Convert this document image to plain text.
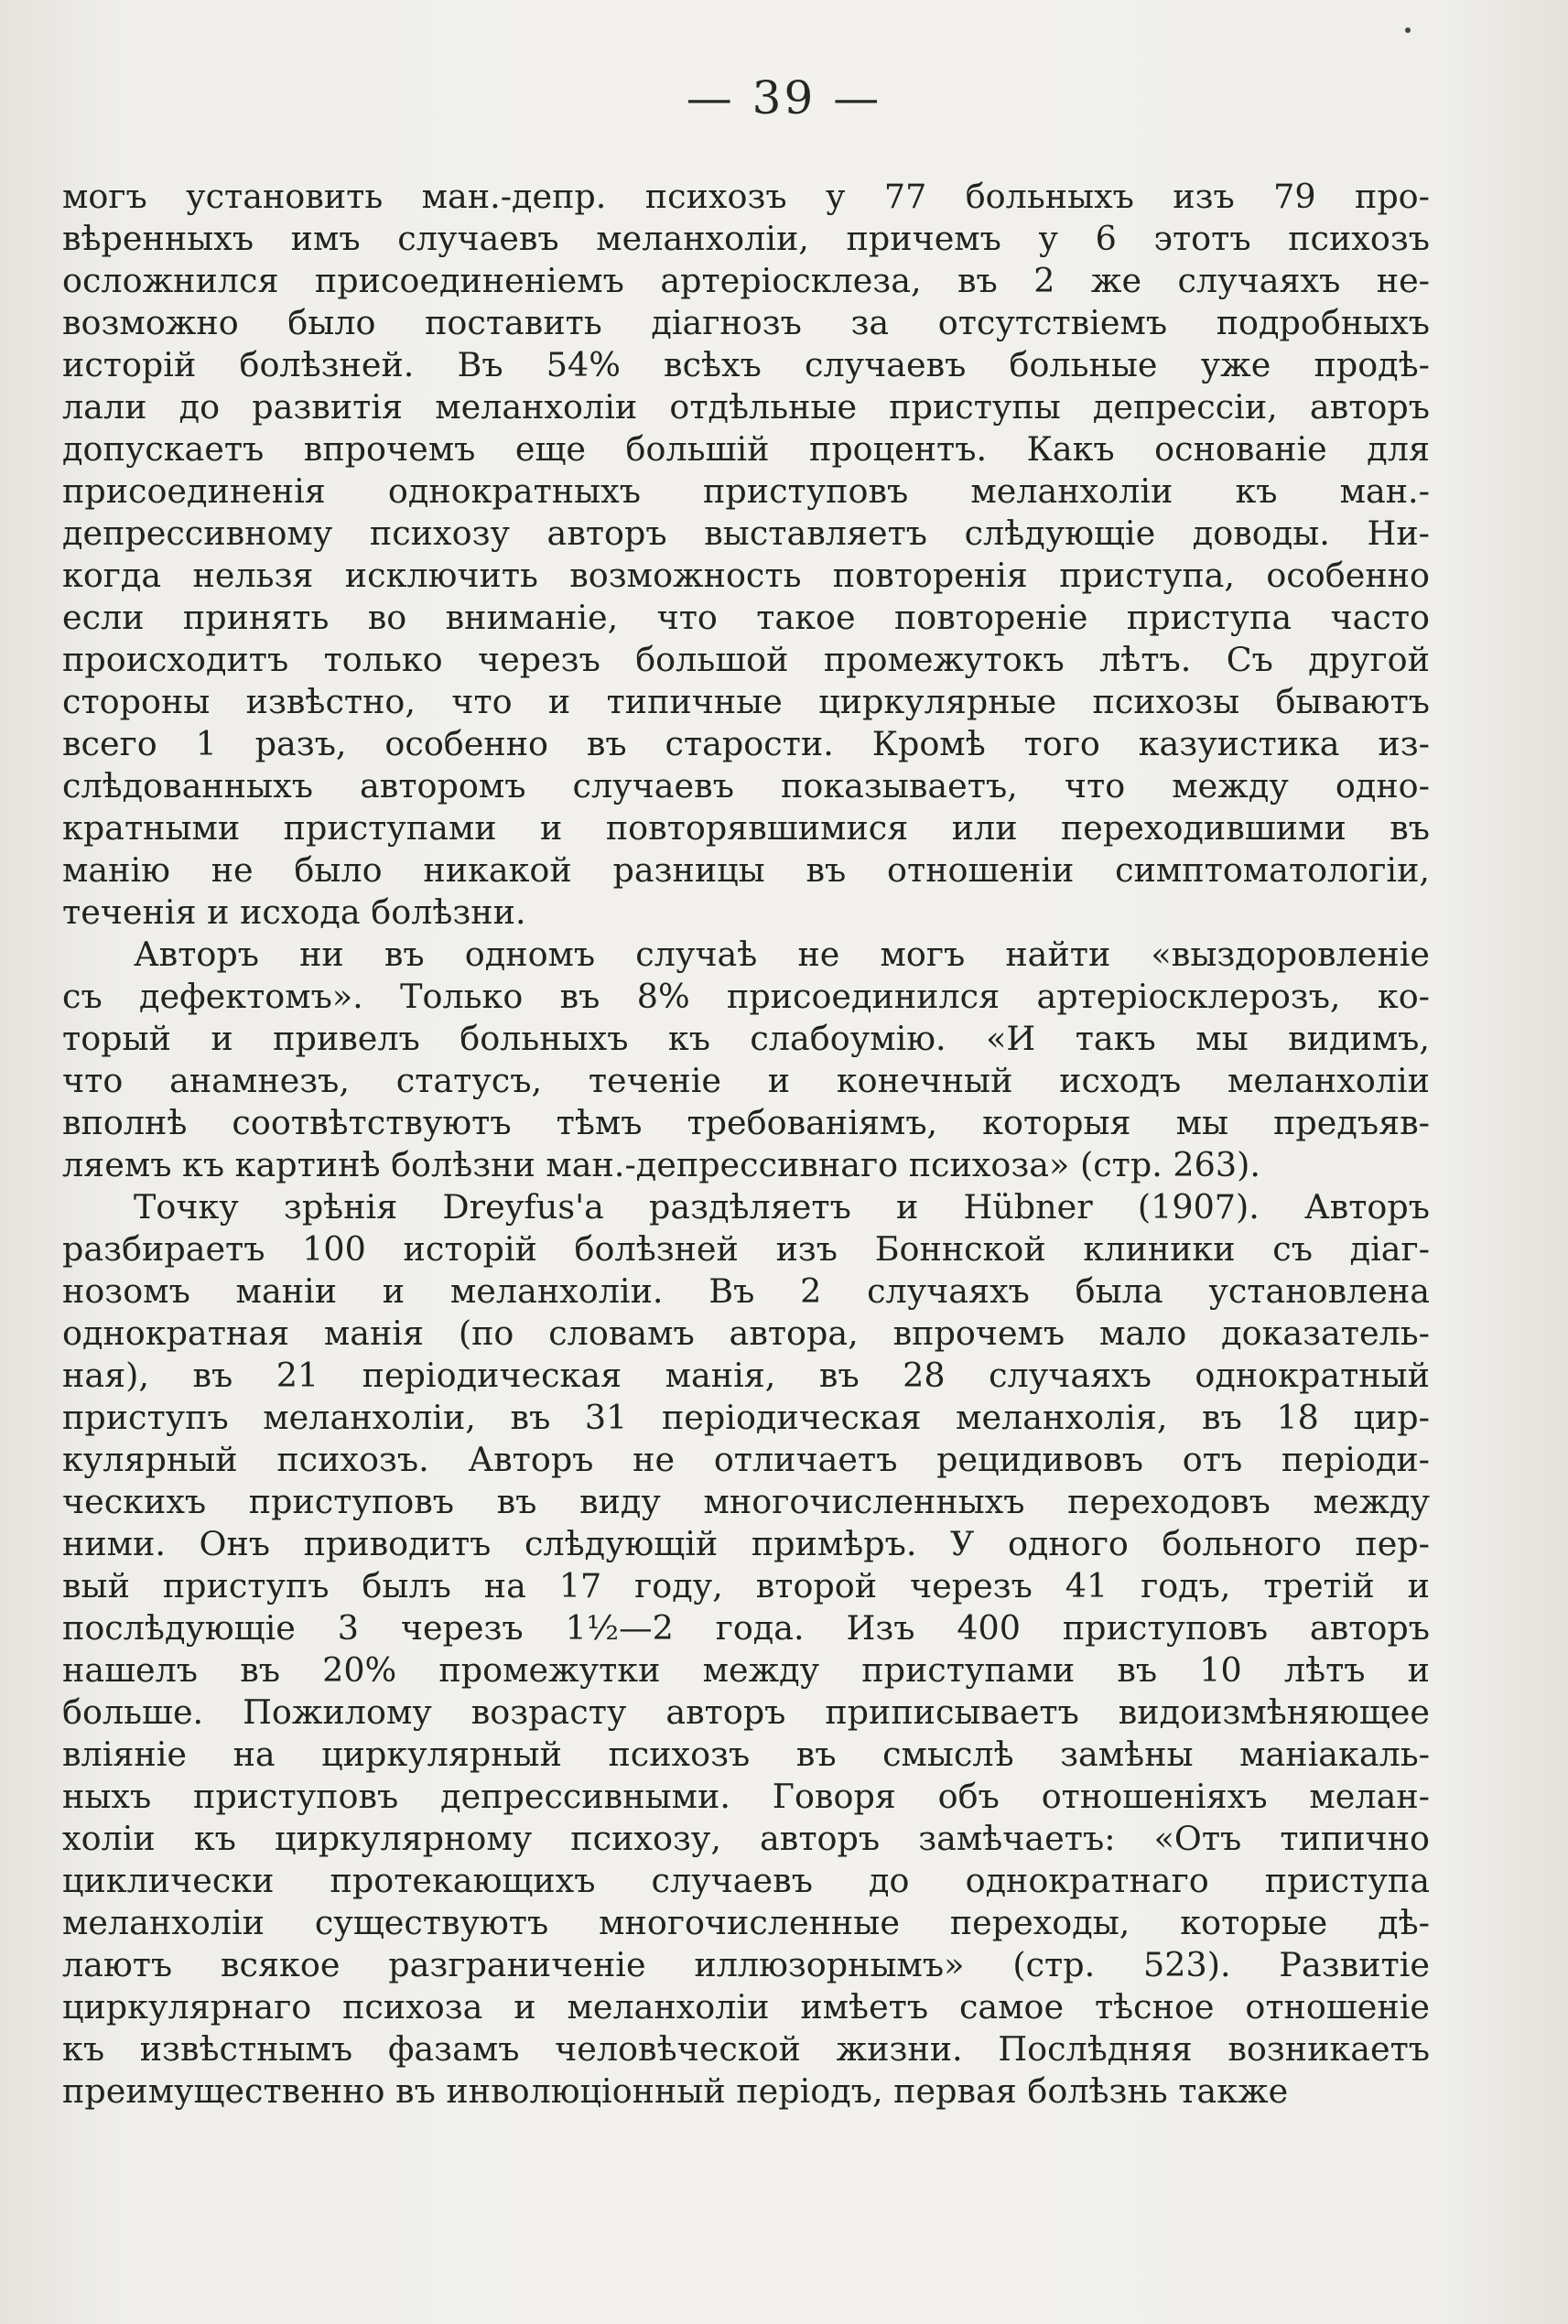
— 39 —
могъ установить ман.-депр. психозъ у 77 больныхъ изъ 79 про-
вѣренныхъ имъ случаевъ меланхоліи, причемъ у 6 этотъ психозъ
осложнился присоединеніемъ артеріосклеза, въ 2 же случаяхъ не-
возможно было поставить діагнозъ за отсутствіемъ подробныхъ
исторій болѣзней. Въ 54% всѣхъ случаевъ больные уже продѣ-
лали до развитія меланхоліи отдѣльные приступы депрессіи, авторъ
допускаетъ впрочемъ еще большій процентъ. Какъ основаніе для
присоединенія однократныхъ приступовъ меланхоліи къ ман.-
депрессивному психозу авторъ выставляетъ слѣдующіе доводы. Ни-
когда нельзя исключить возможность повторенія приступа, особенно
если принять во вниманіе, что такое повтореніе приступа часто
происходитъ только черезъ большой промежутокъ лѣтъ. Съ другой
стороны извѣстно, что и типичные циркулярные психозы бываютъ
всего 1 разъ, особенно въ старости. Кромѣ того казуистика из-
слѣдованныхъ авторомъ случаевъ показываетъ, что между одно-
кратными приступами и повторявшимися или переходившими въ
манію не было никакой разницы въ отношеніи симптоматологіи,
теченія и исхода болѣзни.
Авторъ ни въ одномъ случаѣ не могъ найти «выздоровленіе
съ дефектомъ». Только въ 8% присоединился артеріосклерозъ, ко-
торый и привелъ больныхъ къ слабоумію. «И такъ мы видимъ,
что анамнезъ, статусъ, теченіе и конечный исходъ меланхоліи
вполнѣ соотвѣтствуютъ тѣмъ требованіямъ, которыя мы предъяв-
ляемъ къ картинѣ болѣзни ман.-депрессивнаго психоза» (стр. 263).
Точку зрѣнія Dreyfus'а раздѣляетъ и Hübner (1907). Авторъ
разбираетъ 100 исторій болѣзней изъ Боннской клиники съ діаг-
нозомъ маніи и меланхоліи. Въ 2 случаяхъ была установлена
однократная манія (по словамъ автора, впрочемъ мало доказатель-
ная), въ 21 періодическая манія, въ 28 случаяхъ однократный
приступъ меланхоліи, въ 31 періодическая меланхолія, въ 18 цир-
кулярный психозъ. Авторъ не отличаетъ рецидивовъ отъ періоди-
ческихъ приступовъ въ виду многочисленныхъ переходовъ между
ними. Онъ приводитъ слѣдующій примѣръ. У одного больного пер-
вый приступъ былъ на 17 году, второй черезъ 41 годъ, третій и
послѣдующіе 3 черезъ 1½—2 года. Изъ 400 приступовъ авторъ
нашелъ въ 20% промежутки между приступами въ 10 лѣтъ и
больше. Пожилому возрасту авторъ приписываетъ видоизмѣняющее
вліяніе на циркулярный психозъ въ смыслѣ замѣны маніакаль-
ныхъ приступовъ депрессивными. Говоря объ отношеніяхъ мелан-
холіи къ циркулярному психозу, авторъ замѣчаетъ: «Отъ типично
циклически протекающихъ случаевъ до однократнаго приступа
меланхоліи существуютъ многочисленные переходы, которые дѣ-
лаютъ всякое разграниченіе иллюзорнымъ» (стр. 523). Развитіе
циркулярнаго психоза и меланхоліи имѣетъ самое тѣсное отношеніе
къ извѣстнымъ фазамъ человѣческой жизни. Послѣдняя возникаетъ
преимущественно въ инволюціонный періодъ, первая болѣзнь также
